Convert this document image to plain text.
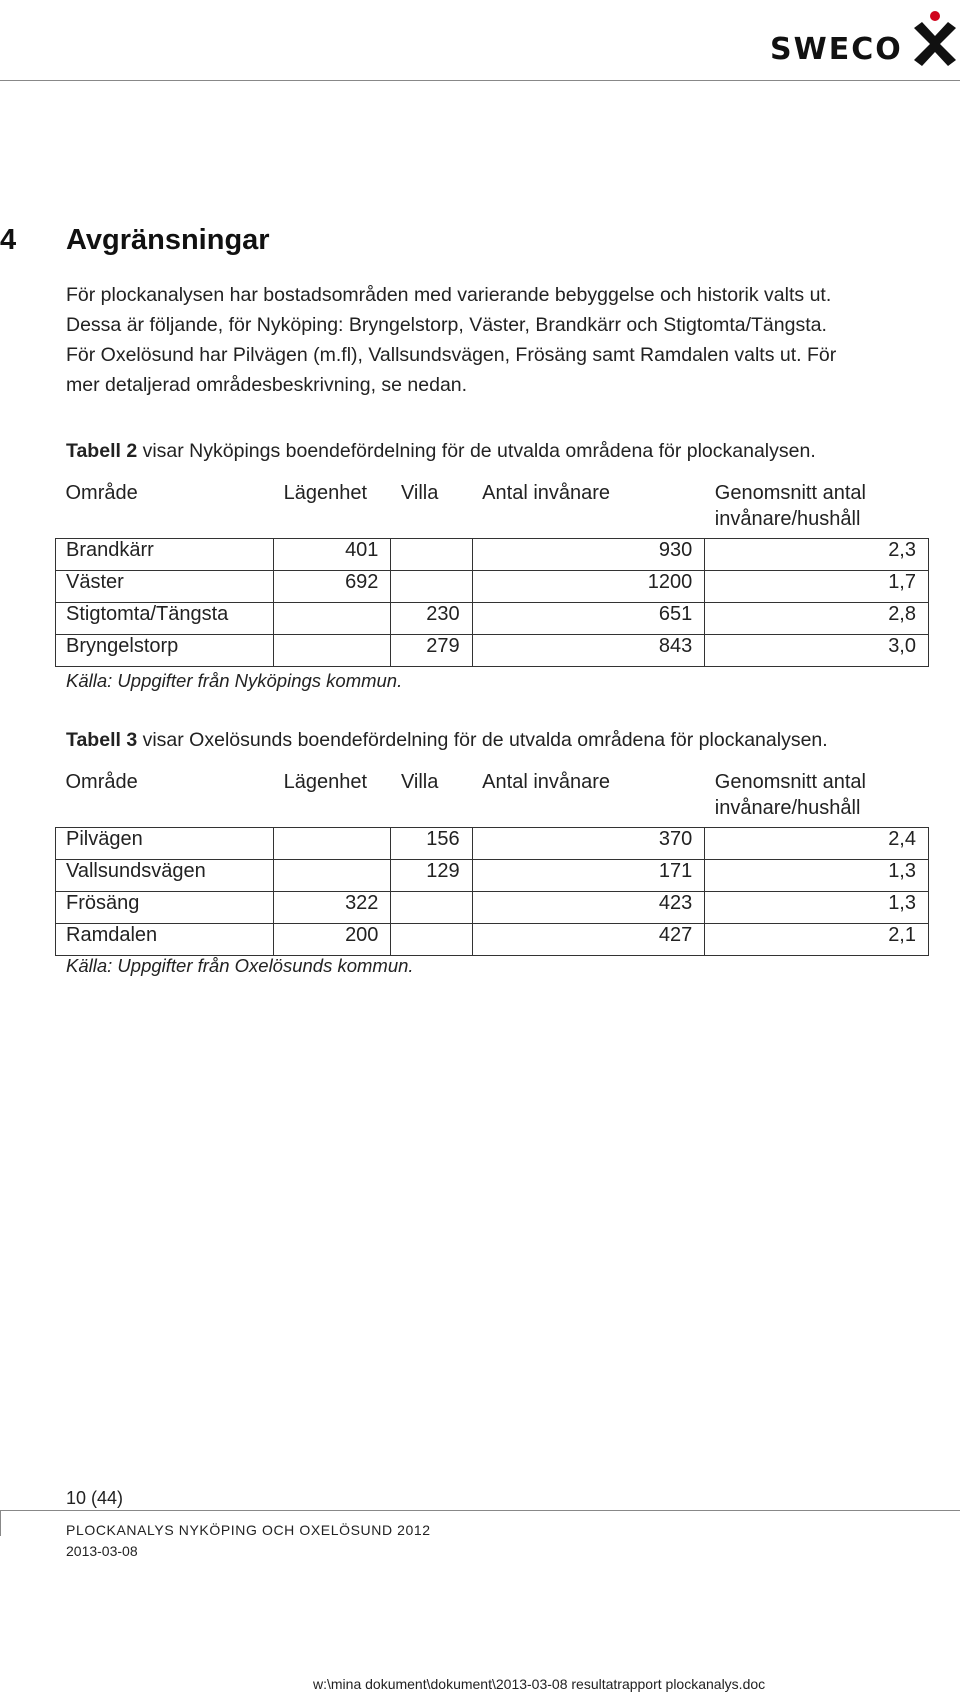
SWECO
4 Avgränsningar

För plockanalysen har bostadsområden med varierande bebyggelse och historik valts ut.
Dessa är följande, för Nyköping: Bryngelstorp, Väster, Brandkärr och Stigtomta/Tängsta.
För Oxelösund har Pilvägen (m.fl), Vallsundsvägen, Frösäng samt Ramdalen valts ut. För
mer detaljerad områdesbeskrivning, se nedan.

Tabell 2 visar Nyköpings boendefördelning för de utvalda områdena för plockanalysen.
Område	Lägenhet	Villa	Antal invånare	Genomsnitt antal
invånare/hushåll

Brandkärr	401		930	2,3
Väster	692		1200	1,7
Stigtomta/Tängsta		230	651	2,8
Bryngelstorp		279	843	3,0
Källa: Uppgifter från Nyköpings kommun.
Tabell 3 visar Oxelösunds boendefördelning för de utvalda områdena för plockanalysen.
Område	Lägenhet	Villa	Antal invånare	Genomsnitt antal
invånare/hushåll

Pilvägen		156	370	2,4
Vallsundsvägen		129	171	1,3
Frösäng	322		423	1,3
Ramdalen	200		427	2,1
Källa: Uppgifter från Oxelösunds kommun.
10 (44)
PLOCKANALYS NYKÖPING OCH OXELÖSUND 2012
2013-03-08
w:\mina dokument\dokument\2013-03-08 resultatrapport plockanalys.doc
